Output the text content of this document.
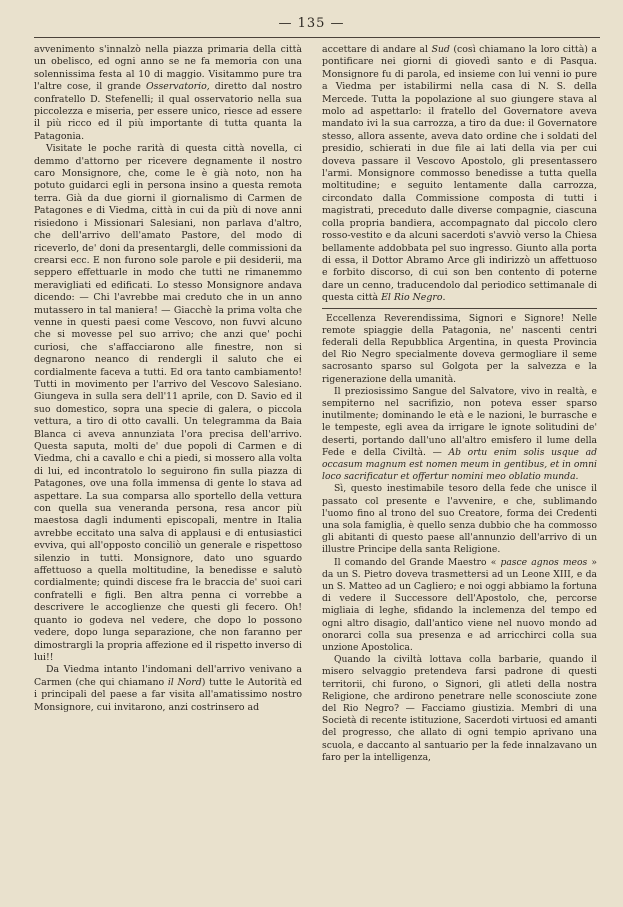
— 135 —

avvenimento s'innalzò nella piazza primaria della città un obelisco, ed ogni anno se ne fa memoria con una solennissima festa al 10 di maggio. Visitammo pure tra l'altre cose, il grande Osservatorio, diretto dal nostro confratello D. Stefenelli; il qual osservatorio nella sua piccolezza e miseria, per essere unico, riesce ad essere il più ricco ed il più importante di tutta quanta la Patagonia.

Visitate le poche rarità di questa città novella, ci demmo d'attorno per ricevere degnamente il nostro caro Monsignore, che, come le è già noto, non ha potuto guidarci egli in persona insino a questa remota terra. Già da due giorni il giornalismo di Carmen de Patagones e di Viedma, città in cui da più di nove anni risiedono i Missionari Salesiani, non parlava d'altro, che dell'arrivo dell'amato Pastore, del modo di riceverlo, de' doni da presentargli, delle commissioni da crearsi ecc. E non furono sole parole e pii desiderii, ma seppero effettuarle in modo che tutti ne rimanemmo meravigliati ed edificati. Lo stesso Monsignore andava dicendo: — Chi l'avrebbe mai creduto che in un anno mutassero in tal maniera! — Giacchè la prima volta che venne in questi paesi come Vescovo, non fuvvi alcuno che si movesse pel suo arrivo; che anzi que' pochi curiosi, che s'affacciarono alle finestre, non si degnarono neanco di rendergli il saluto che ei cordialmente faceva a tutti. Ed ora tanto cambiamento! Tutti in movimento per l'arrivo del Vescovo Salesiano. Giungeva in sulla sera dell'11 aprile, con D. Savio ed il suo domestico, sopra una specie di galera, o piccola vettura, a tiro di otto cavalli. Un telegramma da Baia Blanca ci aveva annunziata l'ora precisa dell'arrivo. Questa saputa, molti de' due popoli di Carmen e di Viedma, chi a cavallo e chi a piedi, si mossero alla volta di lui, ed incontratolo lo seguirono fin sulla piazza di Patagones, ove una folla immensa di gente lo stava ad aspettare. La sua comparsa allo sportello della vettura con quella sua veneranda persona, resa ancor più maestosa dagli indumenti episcopali, mentre in Italia avrebbe eccitato una salva di applausi e di entusiastici evviva, qui all'opposto conciliò un generale e rispettoso silenzio in tutti. Monsignore, dato uno sguardo affettuoso a quella moltitudine, la benedisse e salutò cordialmente; quindi discese fra le braccia de' suoi cari confratelli e figli. Ben altra penna ci vorrebbe a descrivere le accoglienze che questi gli fecero. Oh! quanto io godeva nel vedere, che dopo lo possono vedere, dopo lunga separazione, che non faranno per dimostrargli la propria affezione ed il rispetto inverso di lui!!

Da Viedma intanto l'indomani dell'arrivo venivano a Carmen (che qui chiamano il Nord) tutte le Autorità ed i principali del paese a far visita all'amatissimo nostro Monsignore, cui invitarono, anzi costrinsero ad

accettare di andare al Sud (così chiamano la loro città) a pontificare nei giorni di giovedì santo e di Pasqua. Monsignore fu di parola, ed insieme con lui venni io pure a Viedma per istabilirmi nella casa di N. S. della Mercede. Tutta la popolazione al suo giungere stava al molo ad aspettarlo: il fratello del Governatore aveva mandato ivi la sua carrozza, a tiro da due: il Governatore stesso, allora assente, aveva dato ordine che i soldati del presidio, schierati in due file ai lati della via per cui doveva passare il Vescovo Apostolo, gli presentassero l'armi. Monsignore commosso benedisse a tutta quella moltitudine; e seguito lentamente dalla carrozza, circondato dalla Commissione composta di tutti i magistrati, preceduto dalle diverse compagnie, ciascuna colla propria bandiera, accompagnato dal piccolo clero rosso-vestito e da alcuni sacerdoti s'avviò verso la Chiesa bellamente addobbata pel suo ingresso. Giunto alla porta di essa, il Dottor Abramo Arce gli indirizzò un affettuoso e forbito discorso, di cui son ben contento di poterne dare un cenno, traducendolo dal periodico settimanale di questa città El Rio Negro.

Eccellenza Reverendissima, Signori e Signore! Nelle remote spiaggie della Patagonia, ne' nascenti centri federali della Repubblica Argentina, in questa Provincia del Rio Negro specialmente doveva germogliare il seme sacrosanto sparso sul Golgota per la salvezza e la rigenerazione della umanità.

Il preziosissimo Sangue del Salvatore, vivo in realtà, e sempiterno nel sacrifizio, non poteva esser sparso inutilmente; dominando le età e le nazioni, le burrasche e le tempeste, egli avea da irrigare le ignote solitudini de' deserti, portando dall'uno all'altro emisfero il lume della Fede e della Civiltà. — Ab ortu enim solis usque ad occasum magnum est nomen meum in gentibus, et in omni loco sacrificatur et offertur nomini meo oblatio munda.

Sì, questo inestimabile tesoro della fede che unisce il passato col presente e l'avvenire, e che, sublimando l'uomo fino al trono del suo Creatore, forma dei Credenti una sola famiglia, è quello senza dubbio che ha commosso gli abitanti di questo paese all'annunzio dell'arrivo di un illustre Principe della santa Religione.

Il comando del Grande Maestro « pasce agnos meos » da un S. Pietro doveva trasmettersi ad un Leone XIII, e da un S. Matteo ad un Cagliero; e noi oggi abbiamo la fortuna di vedere il Successore dell'Apostolo, che, percorse migliaia di leghe, sfidando la inclemenza del tempo ed ogni altro disagio, dall'antico viene nel nuovo mondo ad onorarci colla sua presenza e ad arricchirci colla sua unzione Apostolica.

Quando la civiltà lottava colla barbarie, quando il misero selvaggio pretendeva farsi padrone di questi territorii, chi furono, o Signori, gli atleti della nostra Religione, che ardirono penetrare nelle sconosciute zone del Rio Negro? — Facciamo giustizia. Membri di una Società di recente istituzione, Sacerdoti virtuosi ed amanti del progresso, che allato di ogni tempio aprivano una scuola, e daccanto al santuario per la fede innalzavano un faro per la intelligenza,
